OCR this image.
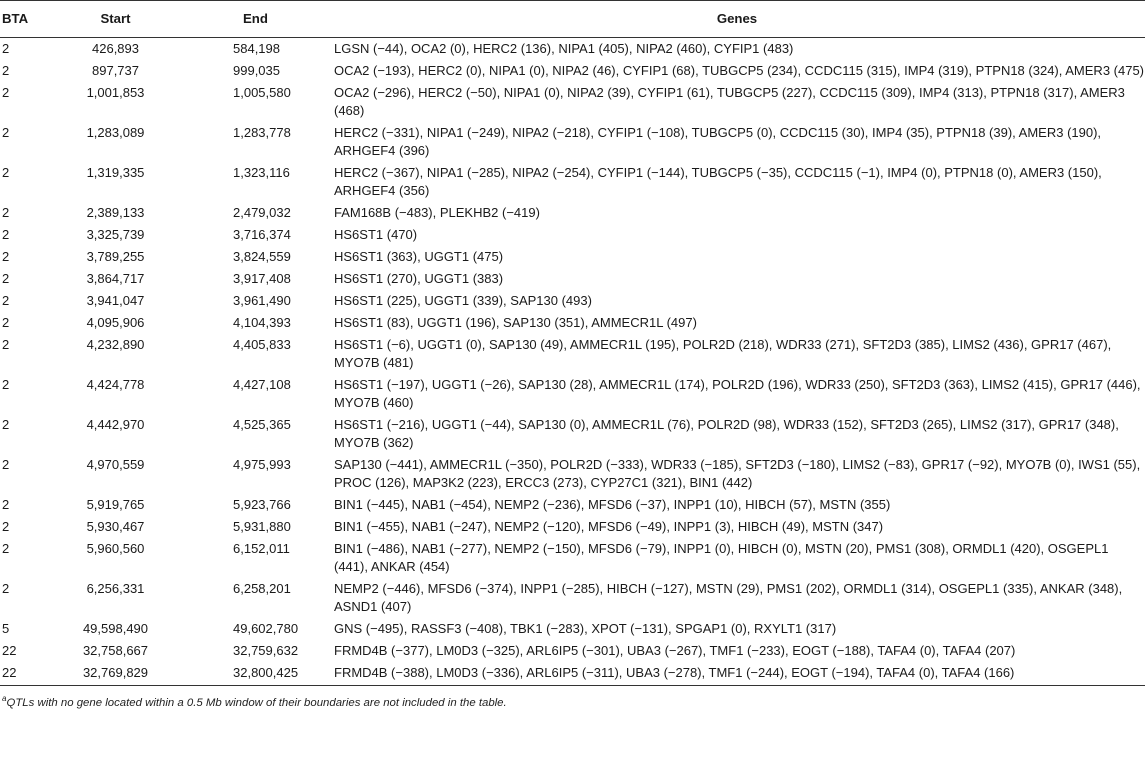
BTA	Start	End	Genes
2	426,893	584,198	LGSN (−44), OCA2 (0), HERC2 (136), NIPA1 (405), NIPA2 (460), CYFIP1 (483)
2	897,737	999,035	OCA2 (−193), HERC2 (0), NIPA1 (0), NIPA2 (46), CYFIP1 (68), TUBGCP5 (234), CCDC115 (315), IMP4 (319), PTPN18 (324), AMER3 (475)
2	1,001,853	1,005,580	OCA2 (−296), HERC2 (−50), NIPA1 (0), NIPA2 (39), CYFIP1 (61), TUBGCP5 (227), CCDC115 (309), IMP4 (313), PTPN18 (317), AMER3 (468)
2	1,283,089	1,283,778	HERC2 (−331), NIPA1 (−249), NIPA2 (−218), CYFIP1 (−108), TUBGCP5 (0), CCDC115 (30), IMP4 (35), PTPN18 (39), AMER3 (190), ARHGEF4 (396)
2	1,319,335	1,323,116	HERC2 (−367), NIPA1 (−285), NIPA2 (−254), CYFIP1 (−144), TUBGCP5 (−35), CCDC115 (−1), IMP4 (0), PTPN18 (0), AMER3 (150), ARHGEF4 (356)
2	2,389,133	2,479,032	FAM168B (−483), PLEKHB2 (−419)
2	3,325,739	3,716,374	HS6ST1 (470)
2	3,789,255	3,824,559	HS6ST1 (363), UGGT1 (475)
2	3,864,717	3,917,408	HS6ST1 (270), UGGT1 (383)
2	3,941,047	3,961,490	HS6ST1 (225), UGGT1 (339), SAP130 (493)
2	4,095,906	4,104,393	HS6ST1 (83), UGGT1 (196), SAP130 (351), AMMECR1L (497)
2	4,232,890	4,405,833	HS6ST1 (−6), UGGT1 (0), SAP130 (49), AMMECR1L (195), POLR2D (218), WDR33 (271), SFT2D3 (385), LIMS2 (436), GPR17 (467), MYO7B (481)
2	4,424,778	4,427,108	HS6ST1 (−197), UGGT1 (−26), SAP130 (28), AMMECR1L (174), POLR2D (196), WDR33 (250), SFT2D3 (363), LIMS2 (415), GPR17 (446), MYO7B (460)
2	4,442,970	4,525,365	HS6ST1 (−216), UGGT1 (−44), SAP130 (0), AMMECR1L (76), POLR2D (98), WDR33 (152), SFT2D3 (265), LIMS2 (317), GPR17 (348), MYO7B (362)
2	4,970,559	4,975,993	SAP130 (−441), AMMECR1L (−350), POLR2D (−333), WDR33 (−185), SFT2D3 (−180), LIMS2 (−83), GPR17 (−92), MYO7B (0), IWS1 (55), PROC (126), MAP3K2 (223), ERCC3 (273), CYP27C1 (321), BIN1 (442)
2	5,919,765	5,923,766	BIN1 (−445), NAB1 (−454), NEMP2 (−236), MFSD6 (−37), INPP1 (10), HIBCH (57), MSTN (355)
2	5,930,467	5,931,880	BIN1 (−455), NAB1 (−247), NEMP2 (−120), MFSD6 (−49), INPP1 (3), HIBCH (49), MSTN (347)
2	5,960,560	6,152,011	BIN1 (−486), NAB1 (−277), NEMP2 (−150), MFSD6 (−79), INPP1 (0), HIBCH (0), MSTN (20), PMS1 (308), ORMDL1 (420), OSGEPL1 (441), ANKAR (454)
2	6,256,331	6,258,201	NEMP2 (−446), MFSD6 (−374), INPP1 (−285), HIBCH (−127), MSTN (29), PMS1 (202), ORMDL1 (314), OSGEPL1 (335), ANKAR (348), ASND1 (407)
5	49,598,490	49,602,780	GNS (−495), RASSF3 (−408), TBK1 (−283), XPOT (−131), SPGAP1 (0), RXYLT1 (317)
22	32,758,667	32,759,632	FRMD4B (−377), LM0D3 (−325), ARL6IP5 (−301), UBA3 (−267), TMF1 (−233), EOGT (−188), TAFA4 (0), TAFA4 (207)
22	32,769,829	32,800,425	FRMD4B (−388), LM0D3 (−336), ARL6IP5 (−311), UBA3 (−278), TMF1 (−244), EOGT (−194), TAFA4 (0), TAFA4 (166)
$^a$QTLs with no gene located within a 0.5 Mb window of their boundaries are not included in the table.
